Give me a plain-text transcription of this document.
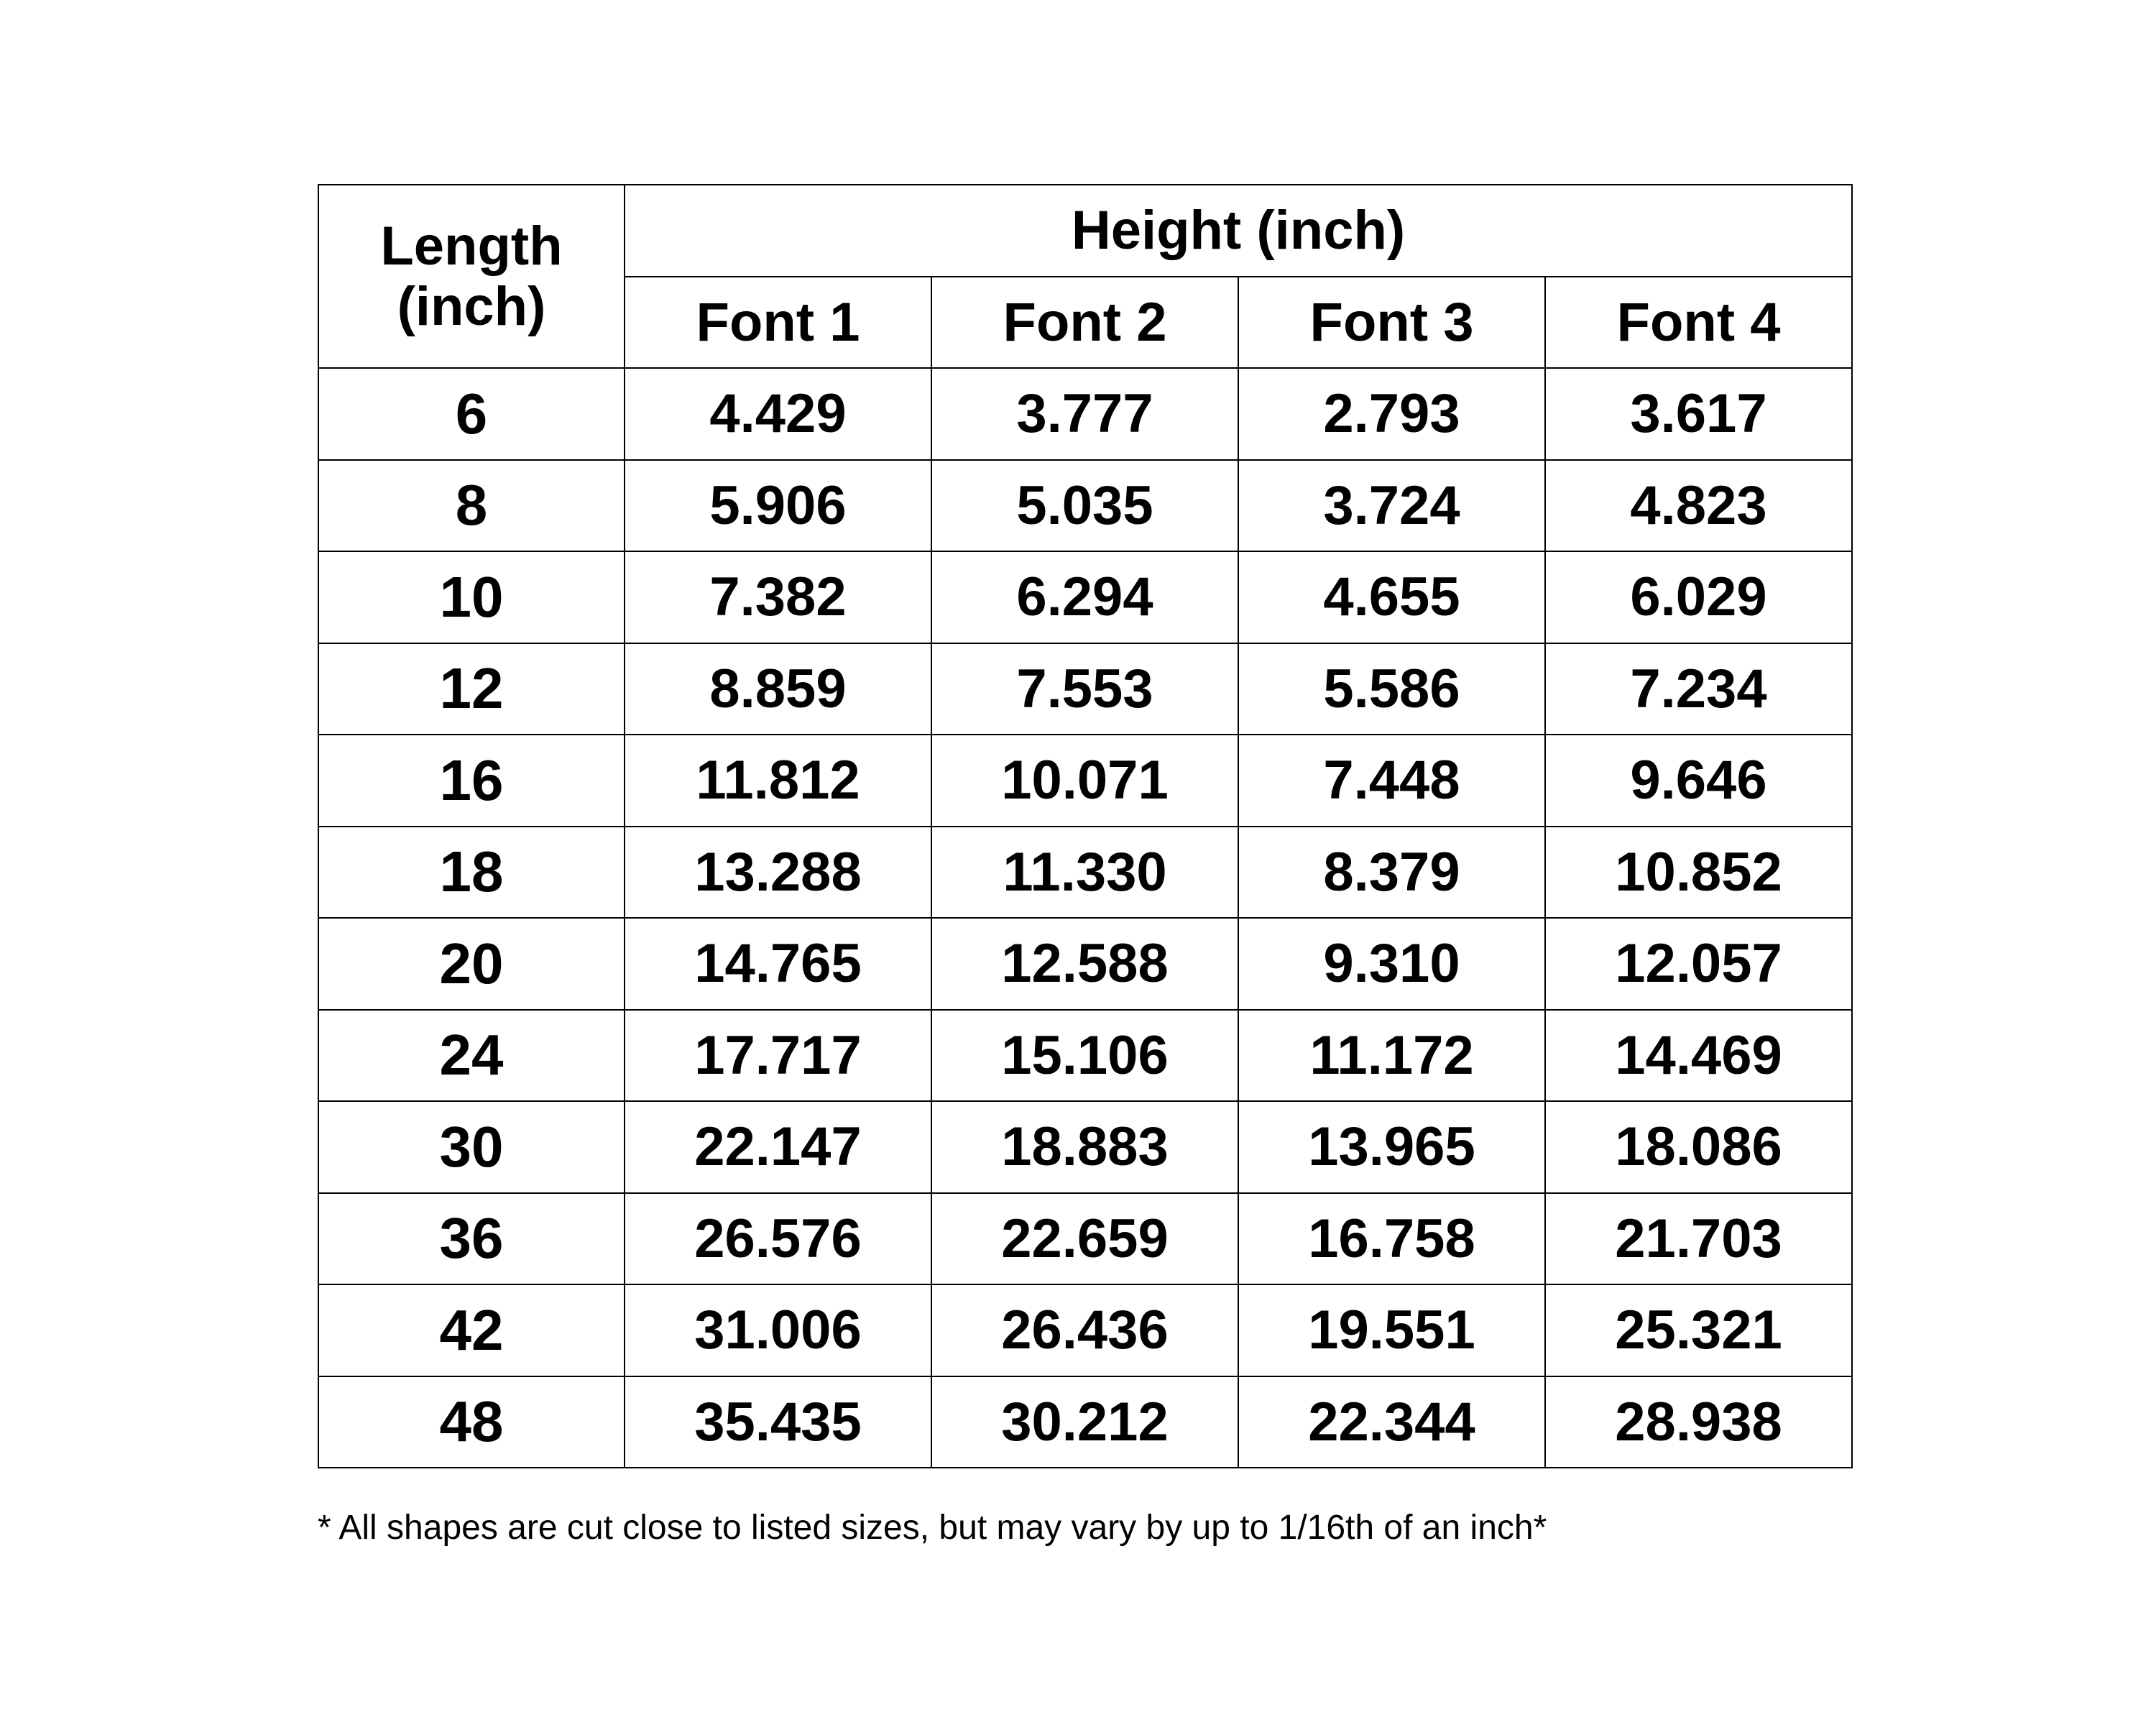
Length
(inch)	Height (inch)			
	Font 1	Font 2	Font 3	Font 4
6	4.429	3.777	2.793	3.617
8	5.906	5.035	3.724	4.823
10	7.382	6.294	4.655	6.029
12	8.859	7.553	5.586	7.234
16	11.812	10.071	7.448	9.646
18	13.288	11.330	8.379	10.852
20	14.765	12.588	9.310	12.057
24	17.717	15.106	11.172	14.469
30	22.147	18.883	13.965	18.086
36	26.576	22.659	16.758	21.703
42	31.006	26.436	19.551	25.321
48	35.435	30.212	22.344	28.938
* All shapes are cut close to listed sizes, but may vary by up to 1/16th of an inch*
